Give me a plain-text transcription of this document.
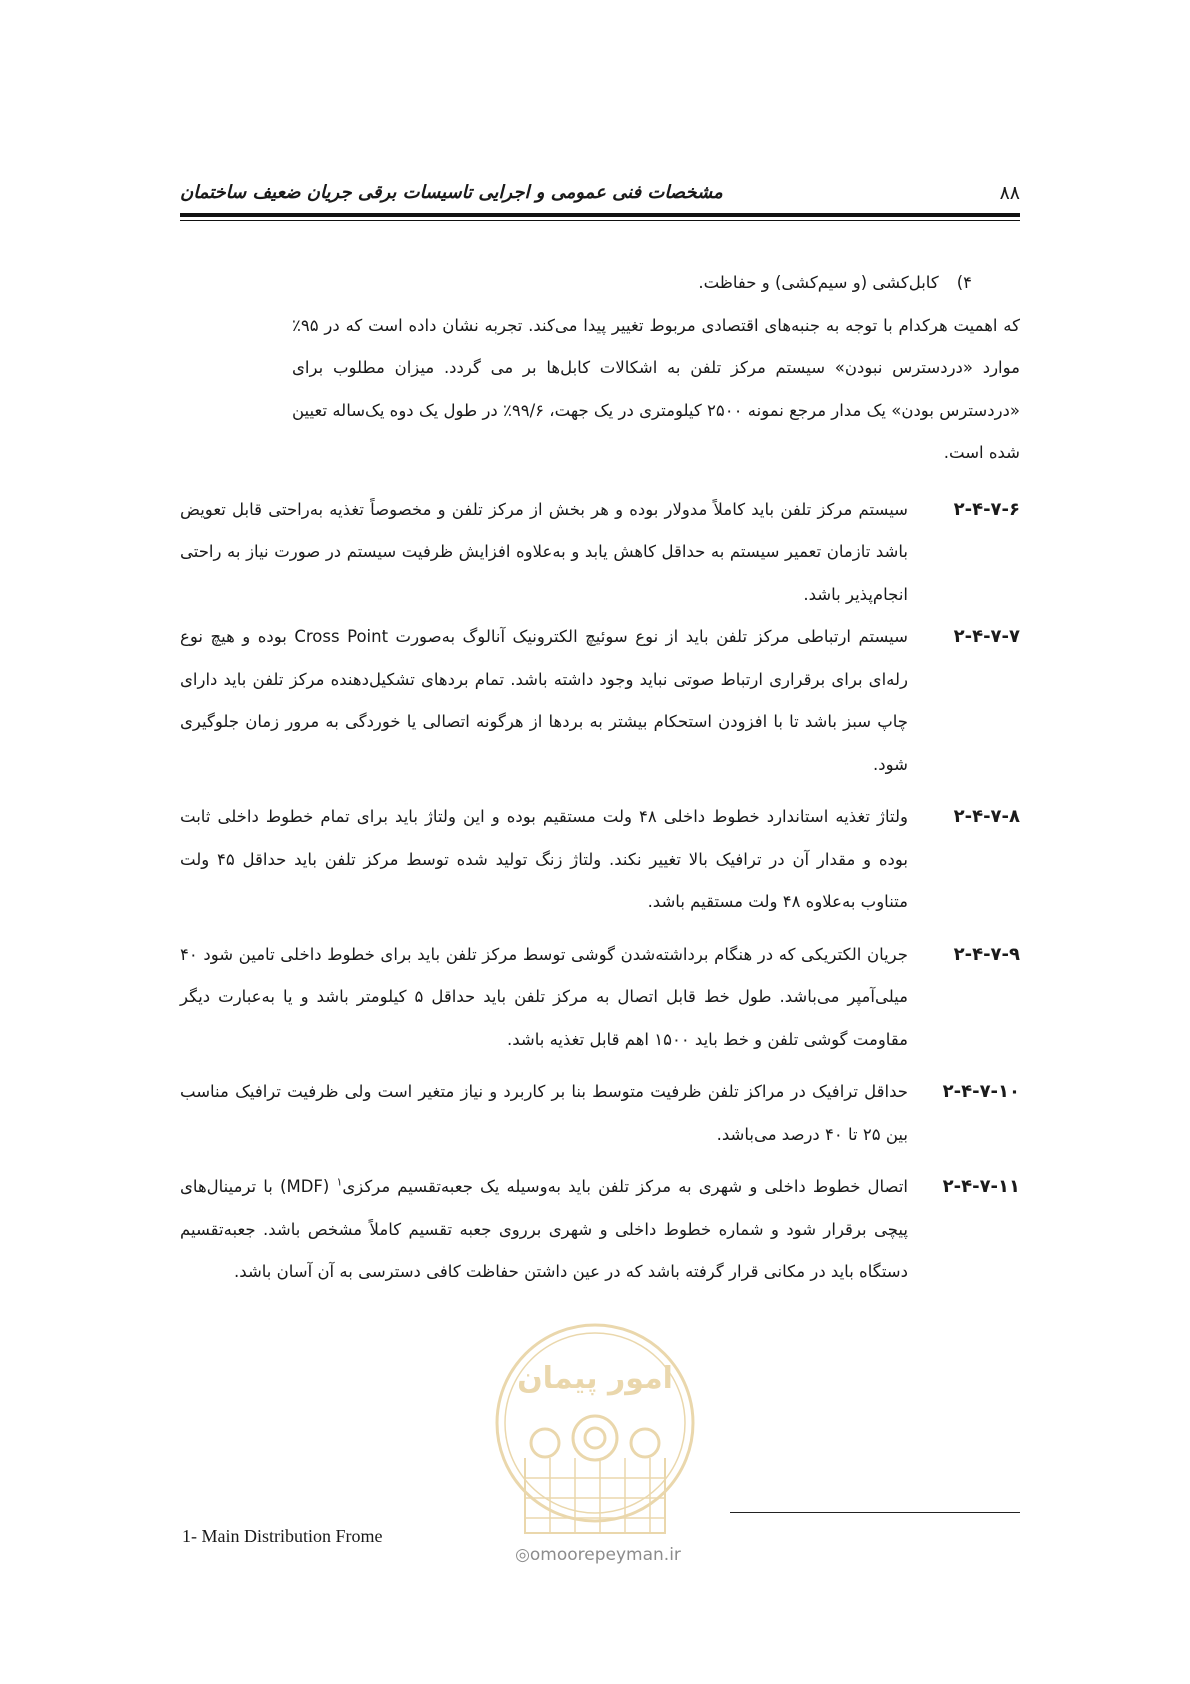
۸۸
مشخصات فنی عمومی و اجرایی تاسیسات برقی جریان ضعیف ساختمان
۴)کابل‌کشی (و سیم‌کشی) و حفاظت.

که اهمیت هرکدام با توجه به جنبه‌های اقتصادی مربوط تغییر پیدا می‌کند. تجربه نشان داده است که در ۹۵٪ موارد «دردسترس نبودن» سیستم مرکز تلفن به اشکالات کابل‌ها بر می گردد. میزان مطلوب برای «دردسترس بودن» یک مدار مرجع نمونه ۲۵۰۰ کیلومتری در یک جهت، ۹۹/۶٪ در طول یک دوه یک‌ساله تعیین شده است.

۲-۴-۷-۶
سیستم مرکز تلفن باید کاملاً مدولار بوده و هر بخش از مرکز تلفن و مخصوصاً تغذیه به‌راحتی قابل تعویض باشد تازمان تعمیر سیستم به حداقل کاهش یابد و به‌علاوه افزایش ظرفیت سیستم در صورت نیاز به راحتی انجام‌پذیر باشد.
۲-۴-۷-۷
سیستم ارتباطی مرکز تلفن باید از نوع سوئیچ الکترونیک آنالوگ به‌صورت Cross Point بوده و هیچ نوع رله‌ای برای برقراری ارتباط صوتی نباید وجود داشته باشد. تمام بردهای تشکیل‌دهنده مرکز تلفن باید دارای چاپ سبز باشد تا با افزودن استحکام بیشتر به بردها از هرگونه اتصالی یا خوردگی به مرور زمان جلوگیری شود.
۲-۴-۷-۸
ولتاژ تغذیه استاندارد خطوط داخلی ۴۸ ولت مستقیم بوده و این ولتاژ باید برای تمام خطوط داخلی ثابت بوده و مقدار آن در ترافیک بالا تغییر نکند. ولتاژ زنگ تولید شده توسط مرکز تلفن باید حداقل ۴۵ ولت متناوب به‌علاوه ۴۸ ولت مستقیم باشد.
۲-۴-۷-۹
جریان الکتریکی که در هنگام برداشته‌شدن گوشی توسط مرکز تلفن باید برای خطوط داخلی تامین شود ۴۰ میلی‌آمپر می‌باشد. طول خط قابل اتصال به مرکز تلفن باید حداقل ۵ کیلومتر باشد و یا به‌عبارت دیگر مقاومت گوشی تلفن و خط باید ۱۵۰۰ اهم قابل تغذیه باشد.
۲-۴-۷-۱۰
حداقل ترافیک در مراکز تلفن ظرفیت متوسط بنا بر کاربرد و نیاز متغیر است ولی ظرفیت ترافیک مناسب بین ۲۵ تا ۴۰ درصد می‌باشد.
۲-۴-۷-۱۱
اتصال خطوط داخلی و شهری به مرکز تلفن باید به‌وسیله یک جعبه‌تقسیم مرکزی$^۱$ (MDF) با ترمینال‌های پیچی برقرار شود و شماره خطوط داخلی و شهری برروی جعبه تقسیم کاملاً مشخص باشد. جعبه‌تقسیم دستگاه باید در مکانی قرار گرفته باشد که در عین داشتن حفاظت کافی دسترسی به آن آسان باشد.
امور پیمان
◎omoorepeyman.ir
1- Main Distribution Frome
